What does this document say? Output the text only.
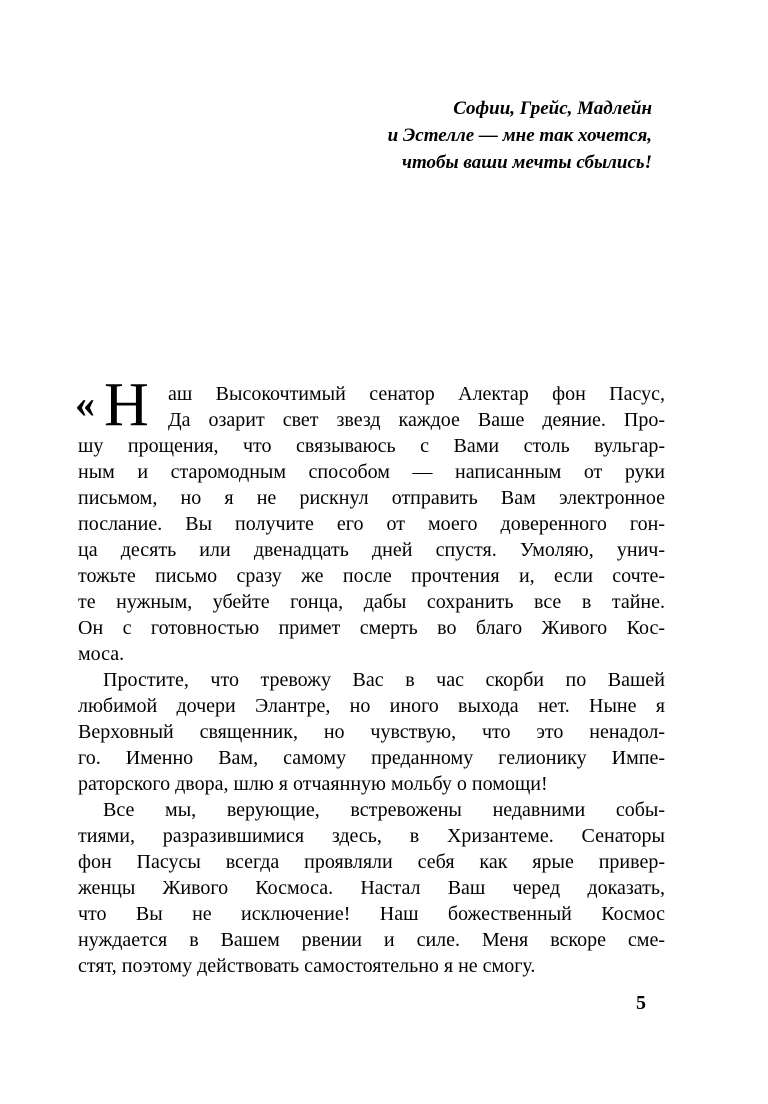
Софии, Грейс, Мадлейн
и Эстелле — мне так хочется,
чтобы ваши мечты сбылись!
« Н аш Высокочтимый сенатор Алектар фон Пасус,
Да озарит свет звезд каждое Ваше деяние. Про-
шу прощения, что связываюсь с Вами столь вульгар-
ным и старомодным способом — написанным от руки
письмом, но я не рискнул отправить Вам электронное
послание. Вы получите его от моего доверенного гон-
ца десять или двенадцать дней спустя. Умоляю, унич-
тожьте письмо сразу же после прочтения и, если сочте-
те нужным, убейте гонца, дабы сохранить все в тайне.
Он с готовностью примет смерть во благо Живого Кос-
моса.
Простите, что тревожу Вас в час скорби по Вашей
любимой дочери Элантре, но иного выхода нет. Ныне я
Верховный священник, но чувствую, что это ненадол-
го. Именно Вам, самому преданному гелионику Импе-
раторского двора, шлю я отчаянную мольбу о помощи!
Все мы, верующие, встревожены недавними собы-
тиями, разразившимися здесь, в Хризантеме. Сенаторы
фон Пасусы всегда проявляли себя как ярые привер-
женцы Живого Космоса. Настал Ваш черед доказать,
что Вы не исключение! Наш божественный Космос
нуждается в Вашем рвении и силе. Меня вскоре сме-
стят, поэтому действовать самостоятельно я не смогу.
5
